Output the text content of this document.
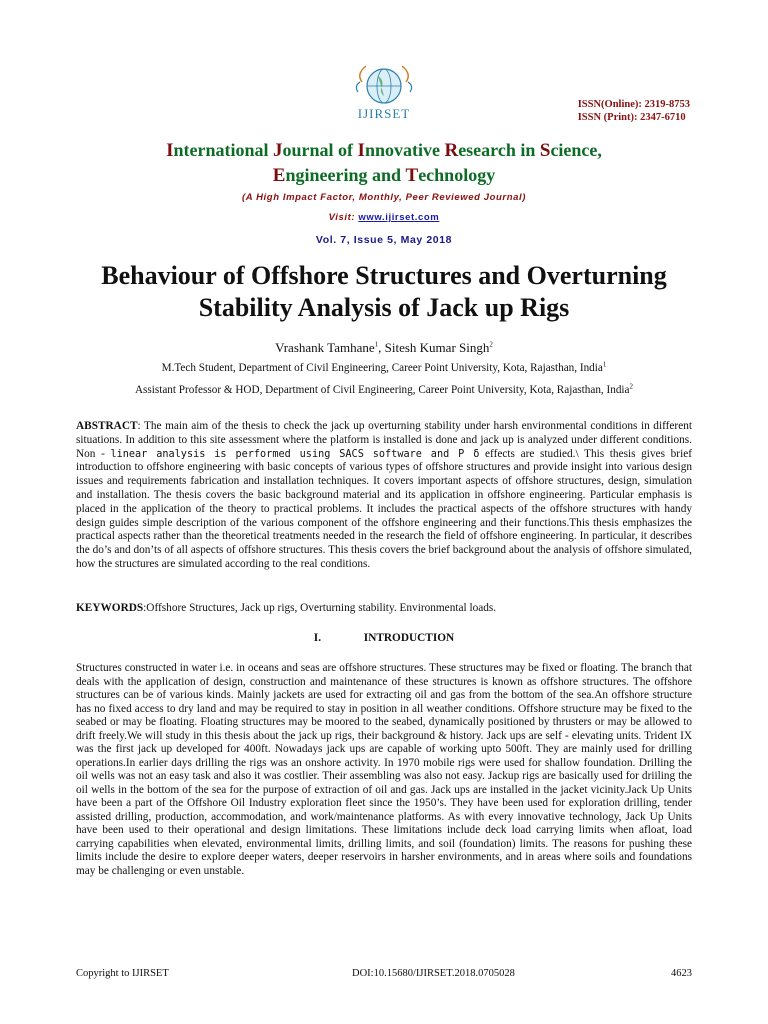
IJIRSET
ISSN(Online): 2319-8753
ISSN (Print): 2347-6710
International Journal of Innovative Research in Science,
Engineering and Technology
(A High Impact Factor, Monthly, Peer Reviewed Journal)
Visit: www.ijirset.com
Vol. 7, Issue 5, May 2018
Behaviour of Offshore Structures and Overturning Stability Analysis of Jack up Rigs
Vrashank Tamhane$^1$, Sitesh Kumar Singh$^2$
M.Tech Student, Department of Civil Engineering, Career Point University, Kota, Rajasthan, India$^1$
Assistant Professor & HOD, Department of Civil Engineering, Career Point University, Kota, Rajasthan, India$^2$
ABSTRACT: The main aim of the thesis to check the jack up overturning stability under harsh environmental conditions in different situations. In addition to this site assessment where the platform is installed is done and jack up is analyzed under different conditions. Non - linear analysis is performed using SACS software and P δ effects are studied.\ This thesis gives brief introduction to offshore engineering with basic concepts of various types of offshore structures and provide insight into various design issues and requirements fabrication and installation techniques. It covers important aspects of offshore structures, design, simulation and installation. The thesis covers the basic background material and its application in offshore engineering. Particular emphasis is placed in the application of the theory to practical problems. It includes the practical aspects of the offshore structures with handy design guides simple description of the various component of the offshore engineering and their functions.This thesis emphasizes the practical aspects rather than the theoretical treatments needed in the research the field of offshore engineering. In particular, it describes the do’s and don’ts of all aspects of offshore structures. This thesis covers the brief background about the analysis of offshore simulated, how the structures are simulated according to the real conditions.
KEYWORDS:Offshore Structures, Jack up rigs, Overturning stability. Environmental loads.
I.	INTRODUCTION
Structures constructed in water i.e. in oceans and seas are offshore structures. These structures may be fixed or floating. The branch that deals with the application of design, construction and maintenance of these structures is known as offshore structures. The offshore structures can be of various kinds. Mainly jackets are used for extracting oil and gas from the bottom of the sea.An offshore structure has no fixed access to dry land and may be required to stay in position in all weather conditions. Offshore structure may be fixed to the seabed or may be floating. Floating structures may be moored to the seabed, dynamically positioned by thrusters or may be allowed to drift freely.We will study in this thesis about the jack up rigs, their background & history. Jack ups are self - elevating units. Trident IX was the first jack up developed for 400ft. Nowadays jack ups are capable of working upto 500ft. They are mainly used for drilling operations.In earlier days drilling the rigs was an onshore activity. In 1970 mobile rigs were used for shallow foundation. Drilling the oil wells was not an easy task and also it was costlier. Their assembling was also not easy. Jackup rigs are basically used for driiling the oil wells in the bottom of the sea for the purpose of extraction of oil and gas. Jack ups are installed in the jacket vicinity.Jack Up Units have been a part of the Offshore Oil Industry exploration fleet since the 1950’s. They have been used for exploration drilling, tender assisted drilling, production, accommodation, and work/maintenance platforms. As with every innovative technology, Jack Up Units have been used to their operational and design limitations. These limitations include deck load carrying limits when afloat, load carrying capabilities when elevated, environmental limits, drilling limits, and soil (foundation) limits. The reasons for pushing these limits include the desire to explore deeper waters, deeper reservoirs in harsher environments, and in areas where soils and foundations may be challenging or even unstable.
Copyright to IJIRSET	DOI:10.15680/IJIRSET.2018.0705028	4623
